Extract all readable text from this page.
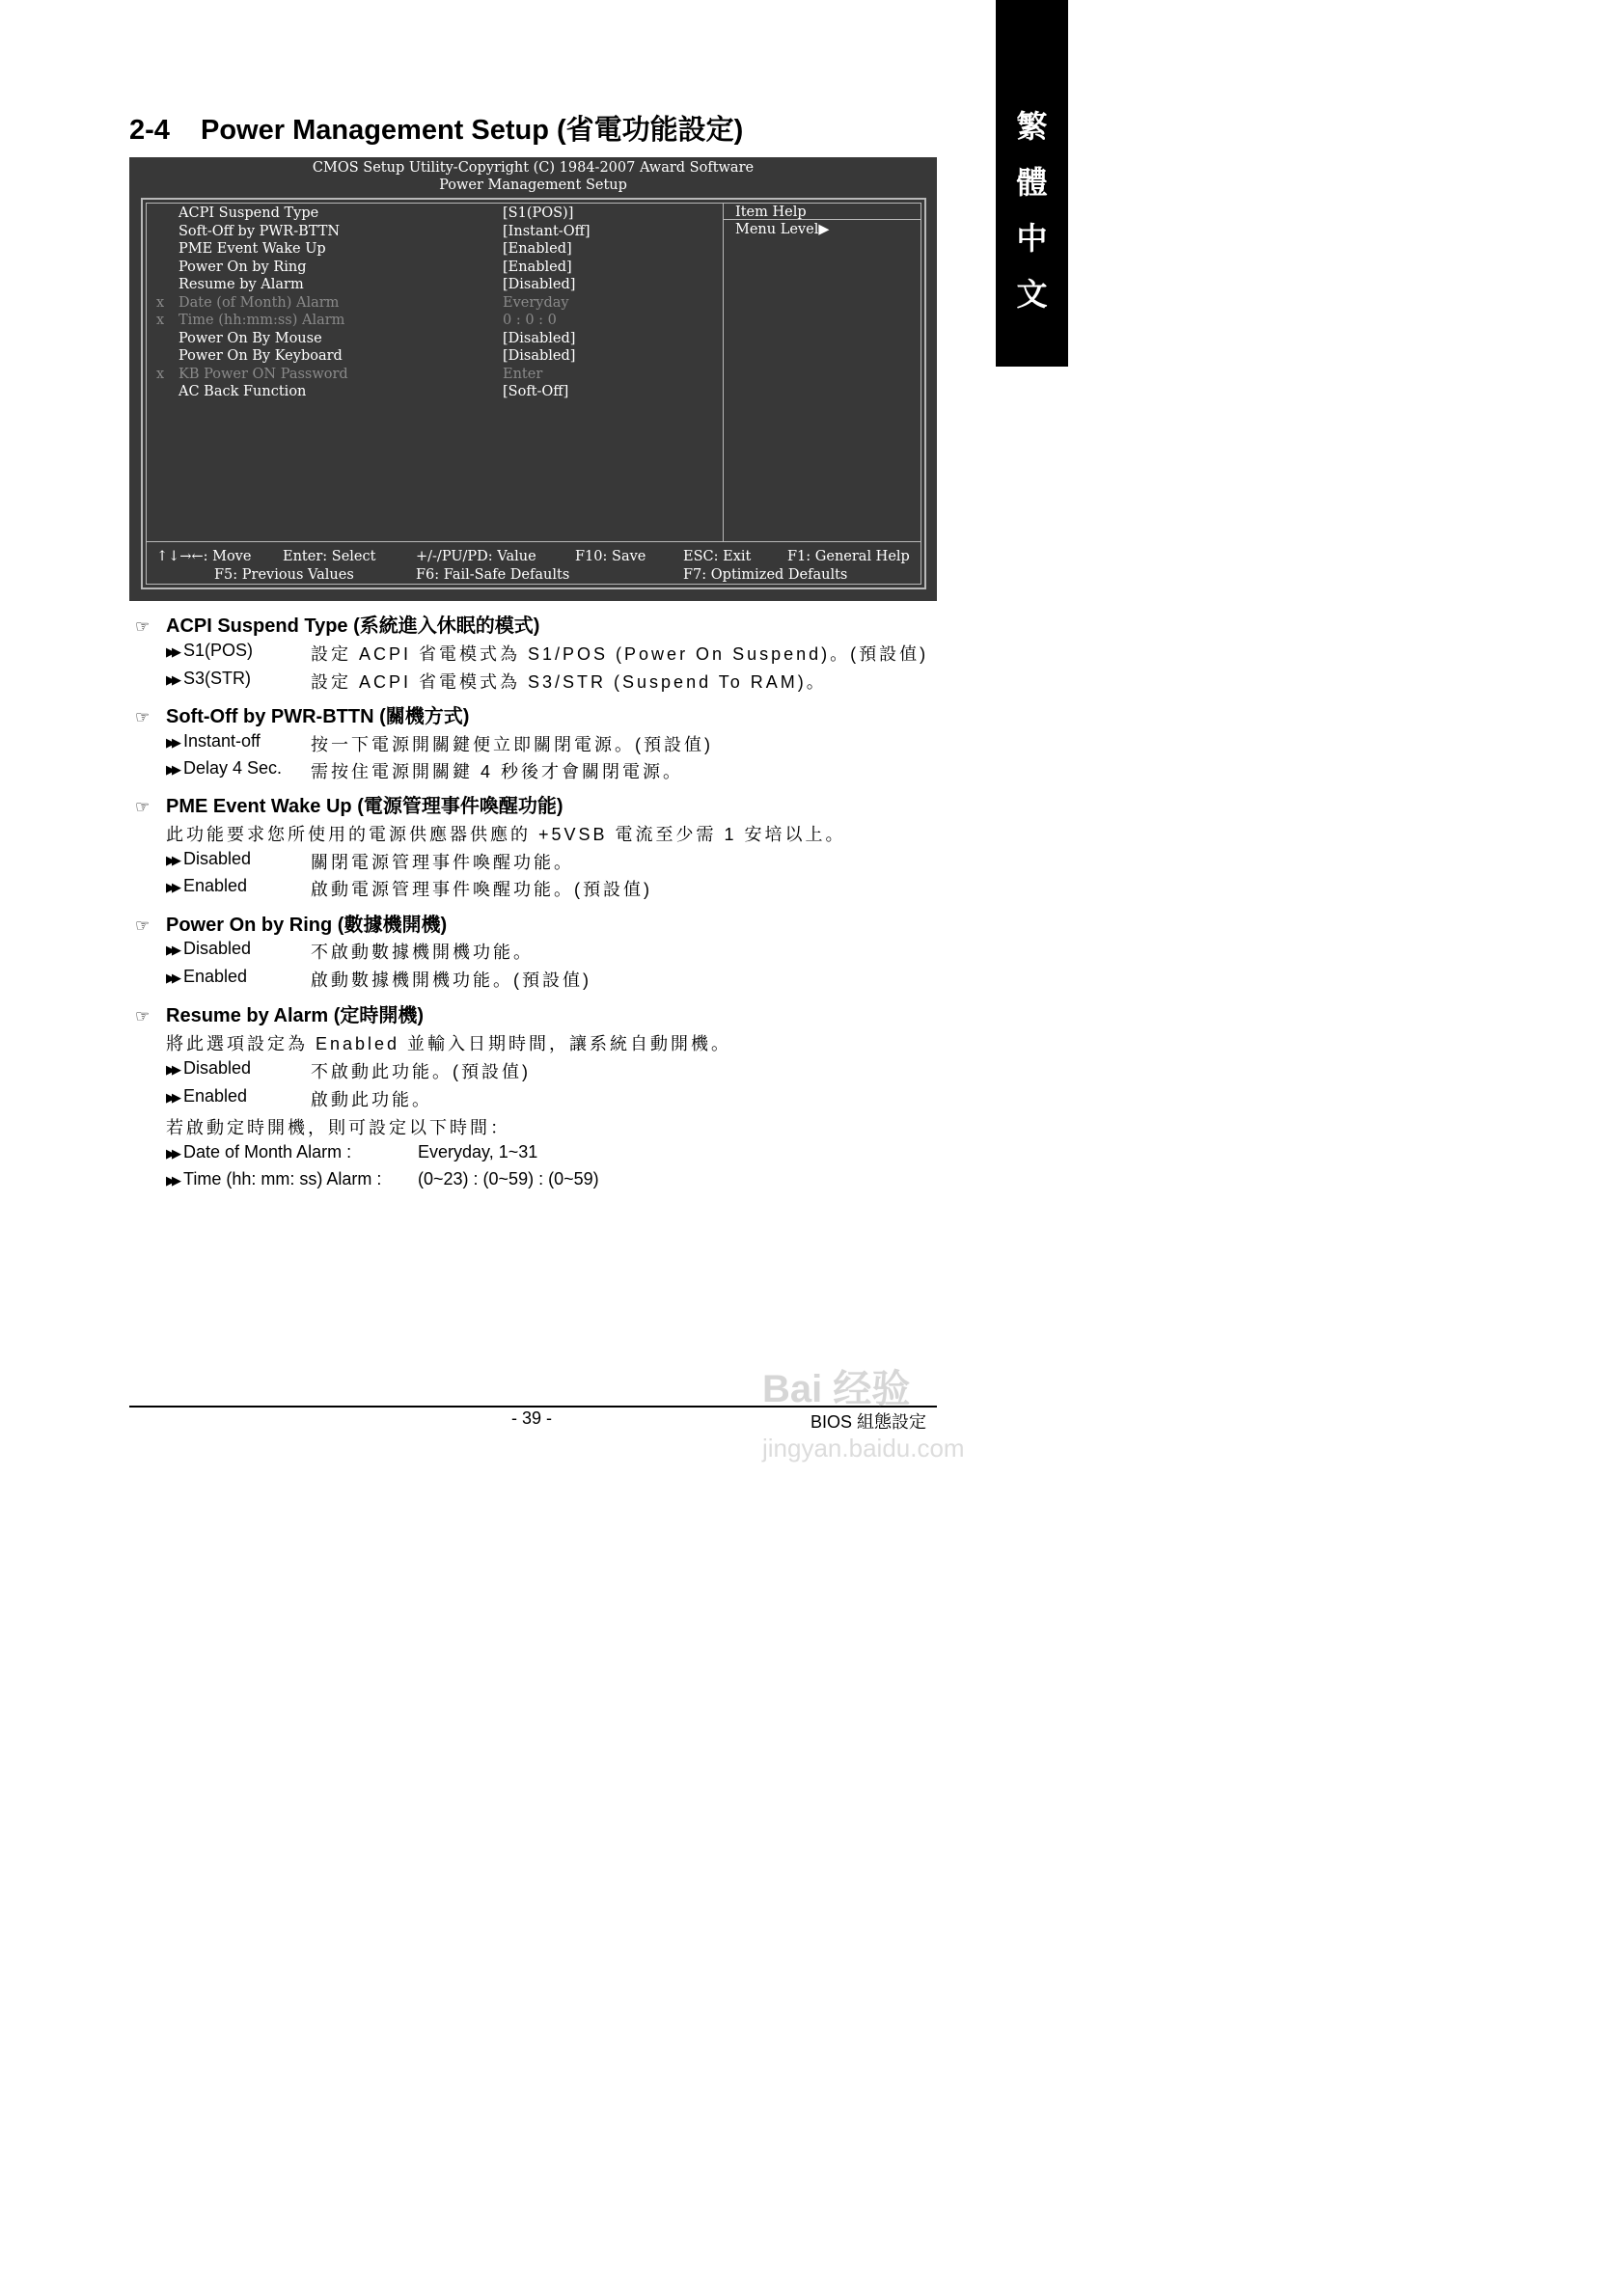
繁
體
中
文
2-4 Power Management Setup (省電功能設定)
CMOS Setup Utility-Copyright (C) 1984-2007 Award Software
Power Management Setup
ACPI Suspend Type	[S1(POS)]
Soft-Off by PWR-BTTN	[Instant-Off]
PME Event Wake Up	[Enabled]
Power On by Ring	[Enabled]
Resume by Alarm	[Disabled]
x Date (of Month) Alarm	Everyday
x Time (hh:mm:ss) Alarm	0 : 0 : 0
Power On By Mouse	[Disabled]
Power On By Keyboard	[Disabled]
x KB Power ON Password	Enter
AC Back Function	[Soft-Off]
Item Help
Menu Level▶
↑↓→←: Move Enter: Select	+/-/PU/PD: Value	F10: Save	ESC: Exit	F1: General Help
F5: Previous Values	F6: Fail-Safe Defaults	F7: Optimized Defaults
☞ ACPI Suspend Type (系統進入休眠的模式)
▶▶ S1(POS)	設定 ACPI 省電模式為 S1/POS (Power On Suspend)。(預設值)
▶▶ S3(STR)	設定 ACPI 省電模式為 S3/STR (Suspend To RAM)。
☞ Soft-Off by PWR-BTTN (關機方式)
▶▶ Instant-off	按一下電源開關鍵便立即關閉電源。(預設值)
▶▶ Delay 4 Sec. 需按住電源開關鍵 4 秒後才會關閉電源。
☞ PME Event Wake Up (電源管理事件喚醒功能)
此功能要求您所使用的電源供應器供應的 +5VSB 電流至少需 1 安培以上。
▶▶ Disabled	關閉電源管理事件喚醒功能。
▶▶ Enabled	啟動電源管理事件喚醒功能。(預設值)
☞ Power On by Ring (數據機開機)
▶▶ Disabled	不啟動數據機開機功能。
▶▶ Enabled	啟動數據機開機功能。(預設值)
☞ Resume by Alarm (定時開機)
將此選項設定為 Enabled 並輸入日期時間，讓系統自動開機。
▶▶ Disabled	不啟動此功能。(預設值)
▶▶ Enabled	啟動此功能。
若啟動定時開機，則可設定以下時間：
▶▶ Date of Month Alarm :	Everyday, 1~31
▶▶ Time (hh: mm: ss) Alarm : (0~23) : (0~59) : (0~59)
Bai 经验
- 39 -	BIOS 組態設定
jingyan.baidu.com
